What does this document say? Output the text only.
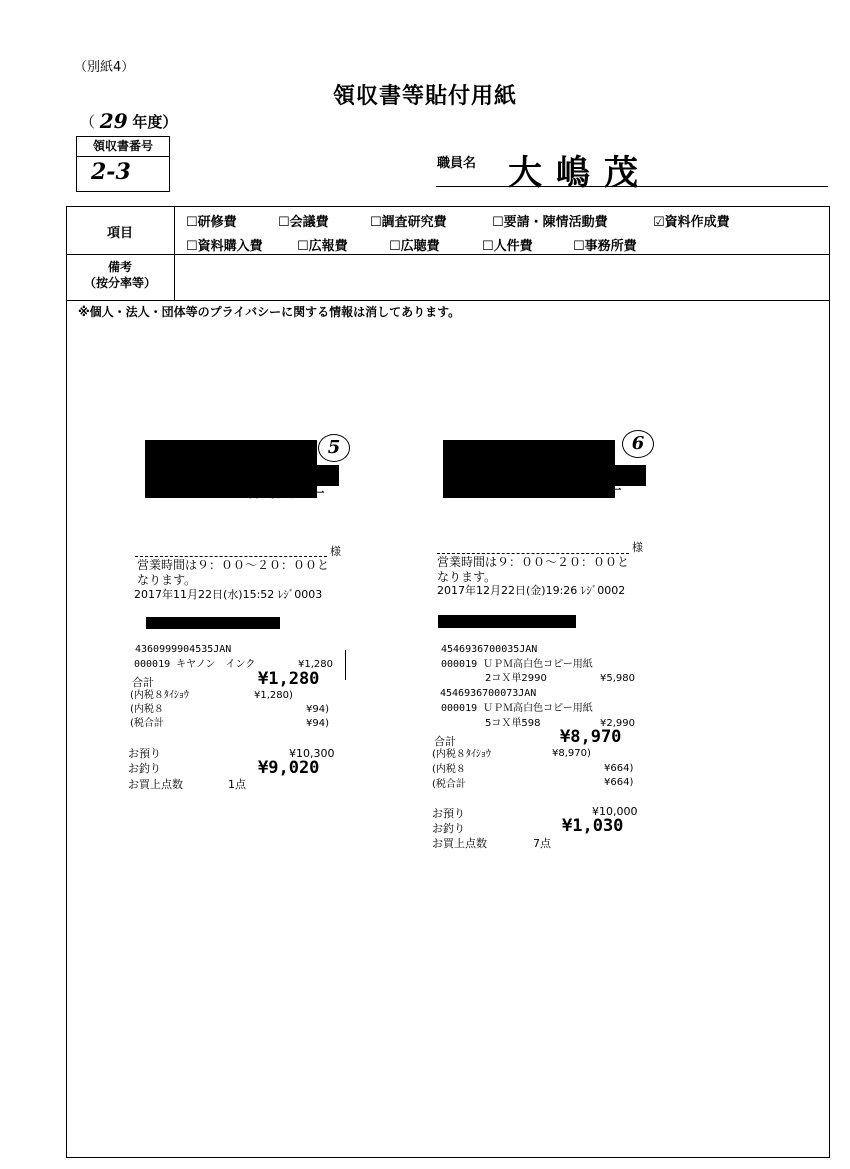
（別紙4）
領収書等貼付用紙
（ 29 年度）
領収書番号
2-3	職員名 大嶋茂
項目
☐研修費	☐会議費	☐調査研究費	☐要請・陳情活動費	☑資料作成費
☐資料購入費	☐広報費	☐広聴費	☐人件費	☐事務所費
備考
（按分率等）
※個人・法人・団体等のプライバシーに関する情報は消してあります。
5
領 収 証 一
様
営業時間は９：００～２０：００と
なります。
2017年11月22日(水)15:52 ﾚｼﾞ0003
4360999904535JAN
000019 キヤノン　インク	¥1,280
合計	¥1,280
(内税８ﾀｲｼｮｳ	¥1,280)
(内税８	¥94)
(税合計	¥94)
お預り	¥10,300
お釣り	¥9,020
お買上点数	1点
6
領 収 証 一
様
営業時間は９：００～２０：００と
なります。
2017年12月22日(金)19:26 ﾚｼﾞ0002
4546936700035JAN
000019 ＵＰＭ高白色コピー用紙
2コＸ単2990	¥5,980
4546936700073JAN
000019 ＵＰＭ高白色コピー用紙
5コＸ単598	¥2,990
合計	¥8,970
(内税８ﾀｲｼｮｳ	¥8,970)
(内税８	¥664)
(税合計	¥664)
お預り	¥10,000
お釣り	¥1,030
お買上点数	7点
